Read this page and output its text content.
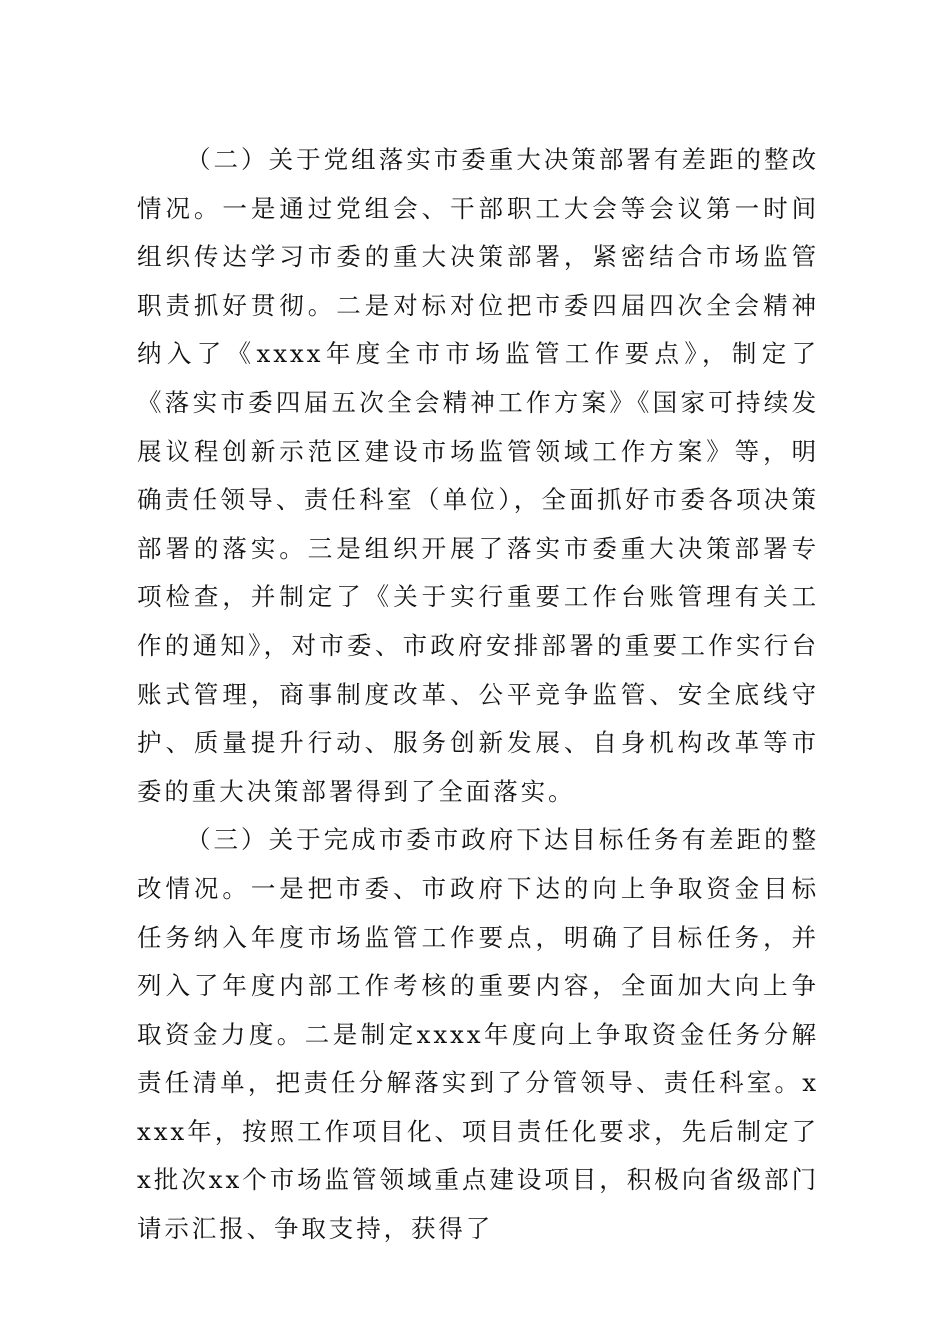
（二）关于党组落实市委重大决策部署有差距的整改情况。一是通过党组会、干部职工大会等会议第一时间组织传达学习市委的重大决策部署，紧密结合市场监管职责抓好贯彻。二是对标对位把市委四届四次全会精神纳入了《xxxx年度全市市场监管工作要点》，制定了《落实市委四届五次全会精神工作方案》《国家可持续发展议程创新示范区建设市场监管领域工作方案》等，明确责任领导、责任科室（单位），全面抓好市委各项决策部署的落实。三是组织开展了落实市委重大决策部署专项检查，并制定了《关于实行重要工作台账管理有关工作的通知》，对市委、市政府安排部署的重要工作实行台账式管理，商事制度改革、公平竞争监管、安全底线守护、质量提升行动、服务创新发展、自身机构改革等市委的重大决策部署得到了全面落实。

（三）关于完成市委市政府下达目标任务有差距的整改情况。一是把市委、市政府下达的向上争取资金目标任务纳入年度市场监管工作要点，明确了目标任务，并列入了年度内部工作考核的重要内容，全面加大向上争取资金力度。二是制定xxxx年度向上争取资金任务分解责任清单，把责任分解落实到了分管领导、责任科室。xxxx年，按照工作项目化、项目责任化要求，先后制定了x批次xx个市场监管领域重点建设项目，积极向省级部门请示汇报、争取支持，获得了
